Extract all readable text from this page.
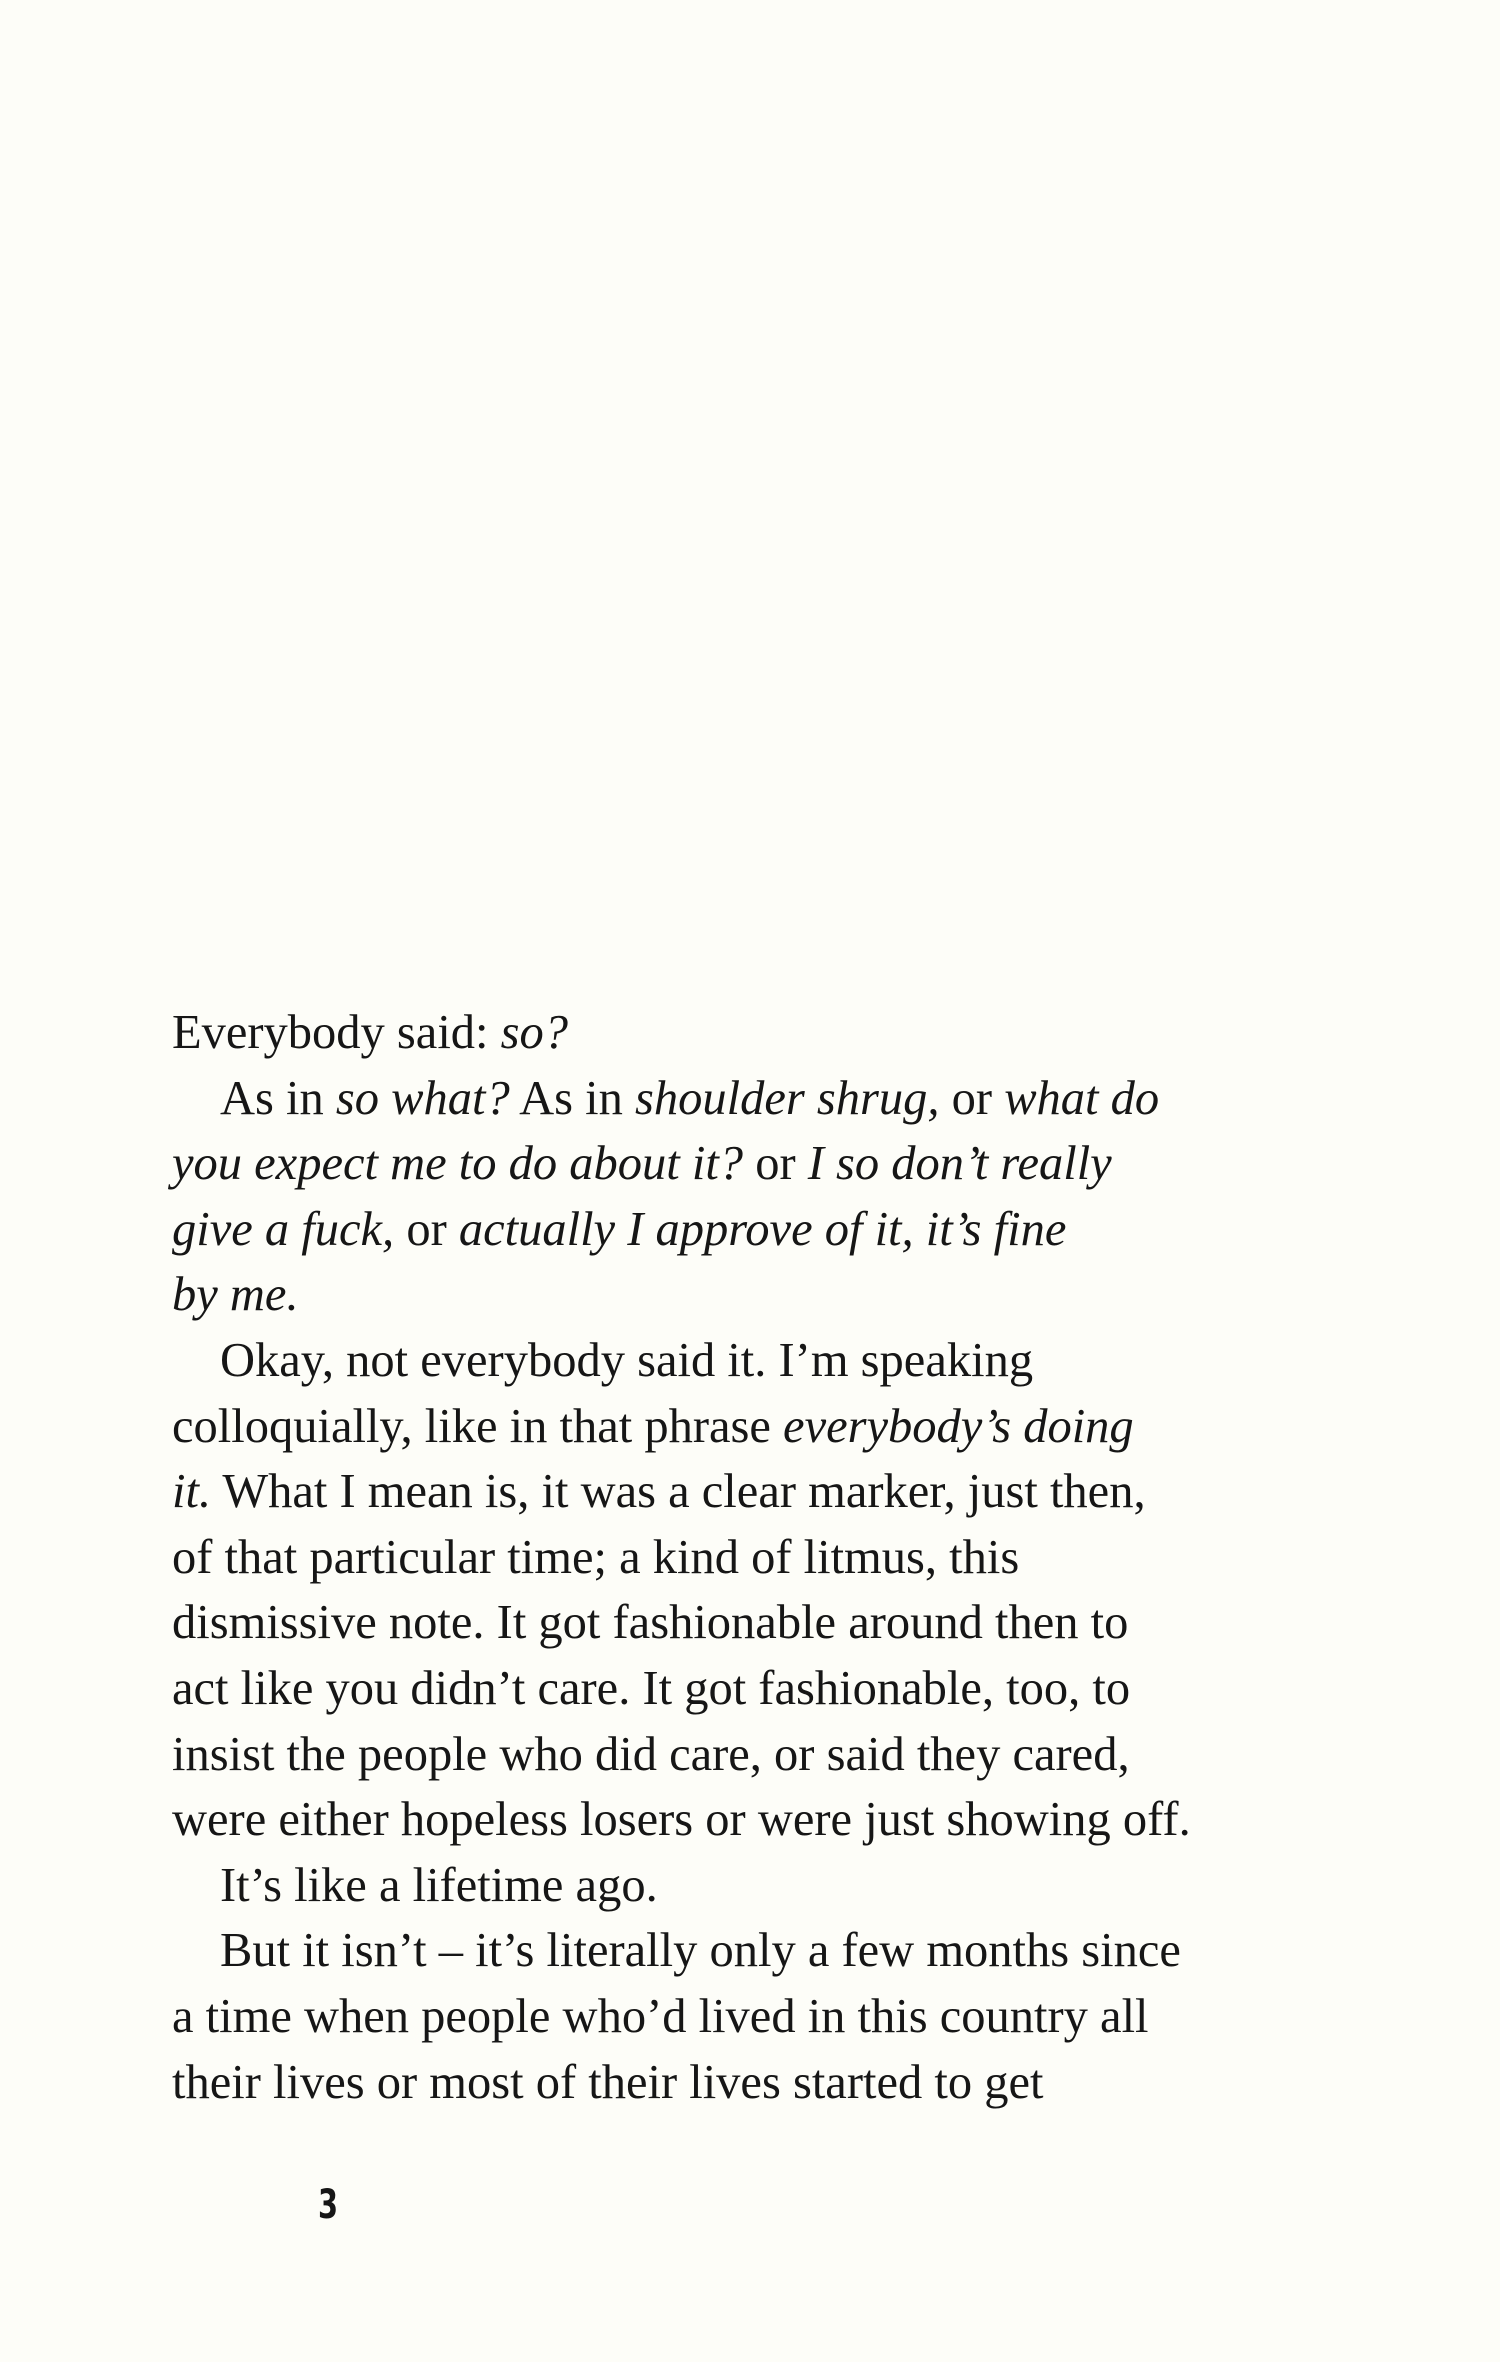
Everybody said: so?
As in so what? As in shoulder shrug, or what do
you expect me to do about it? or I so don’t really
give a fuck, or actually I approve of it, it’s fine
by me.
Okay, not everybody said it. I’m speaking
colloquially, like in that phrase everybody’s doing
it. What I mean is, it was a clear marker, just then,
of that particular time; a kind of litmus, this
dismissive note. It got fashionable around then to
act like you didn’t care. It got fashionable, too, to
insist the people who did care, or said they cared,
were either hopeless losers or were just showing off.
It’s like a lifetime ago.
But it isn’t – it’s literally only a few months since
a time when people who’d lived in this country all
their lives or most of their lives started to get
3
